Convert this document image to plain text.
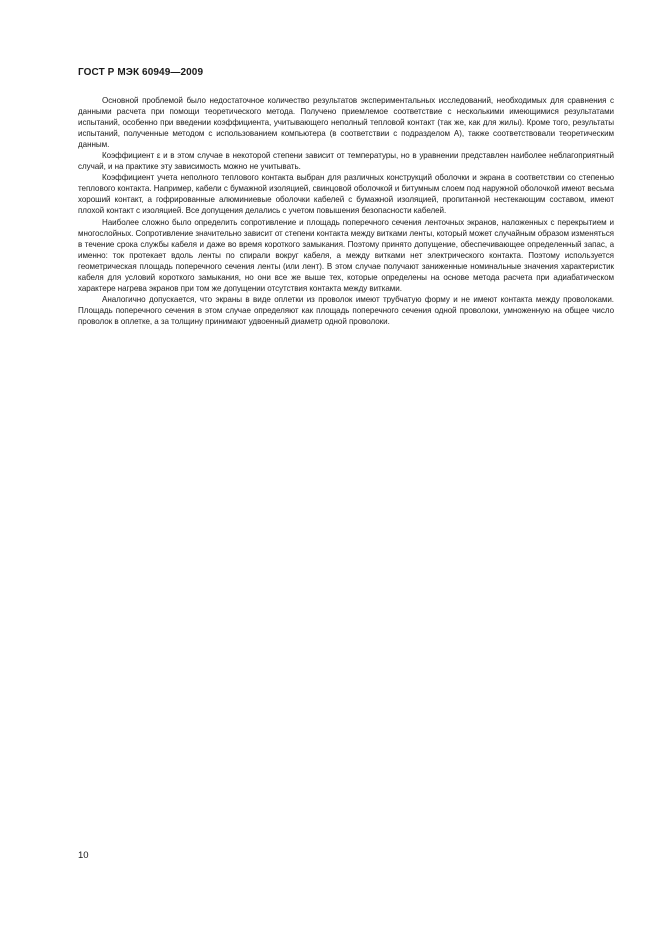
ГОСТ Р МЭК 60949—2009

Основной проблемой было недостаточное количество результатов экспериментальных исследований, необходимых для сравнения с данными расчета при помощи теоретического метода. Получено приемлемое соответствие с несколькими имеющимися результатами испытаний, особенно при введении коэффициента, учитывающего неполный тепловой контакт (так же, как для жилы). Кроме того, результаты испытаний, полученные методом с использованием компьютера (в соответствии с подразделом А), также соответствовали теоретическим данным.

Коэффициент ε и в этом случае в некоторой степени зависит от температуры, но в уравнении представлен наиболее неблагоприятный случай, и на практике эту зависимость можно не учитывать.

Коэффициент учета неполного теплового контакта выбран для различных конструкций оболочки и экрана в соответствии со степенью теплового контакта. Например, кабели с бумажной изоляцией, свинцовой оболочкой и битумным слоем под наружной оболочкой имеют весьма хороший контакт, а гофрированные алюминиевые оболочки кабелей с бумажной изоляцией, пропитанной нестекающим составом, имеют плохой контакт с изоляцией. Все допущения делались с учетом повышения безопасности кабелей.

Наиболее сложно было определить сопротивление и площадь поперечного сечения ленточных экранов, наложенных с перекрытием и многослойных. Сопротивление значительно зависит от степени контакта между витками ленты, который может случайным образом изменяться в течение срока службы кабеля и даже во время короткого замыкания. Поэтому принято допущение, обеспечивающее определенный запас, а именно: ток протекает вдоль ленты по спирали вокруг кабеля, а между витками нет электрического контакта. Поэтому используется геометрическая площадь поперечного сечения ленты (или лент). В этом случае получают заниженные номинальные значения характеристик кабеля для условий короткого замыкания, но они все же выше тех, которые определены на основе метода расчета при адиабатическом характере нагрева экранов при том же допущении отсутствия контакта между витками.

Аналогично допускается, что экраны в виде оплетки из проволок имеют трубчатую форму и не имеют контакта между проволоками. Площадь поперечного сечения в этом случае определяют как площадь поперечного сечения одной проволоки, умноженную на общее число проволок в оплетке, а за толщину принимают удвоенный диаметр одной проволоки.

10
